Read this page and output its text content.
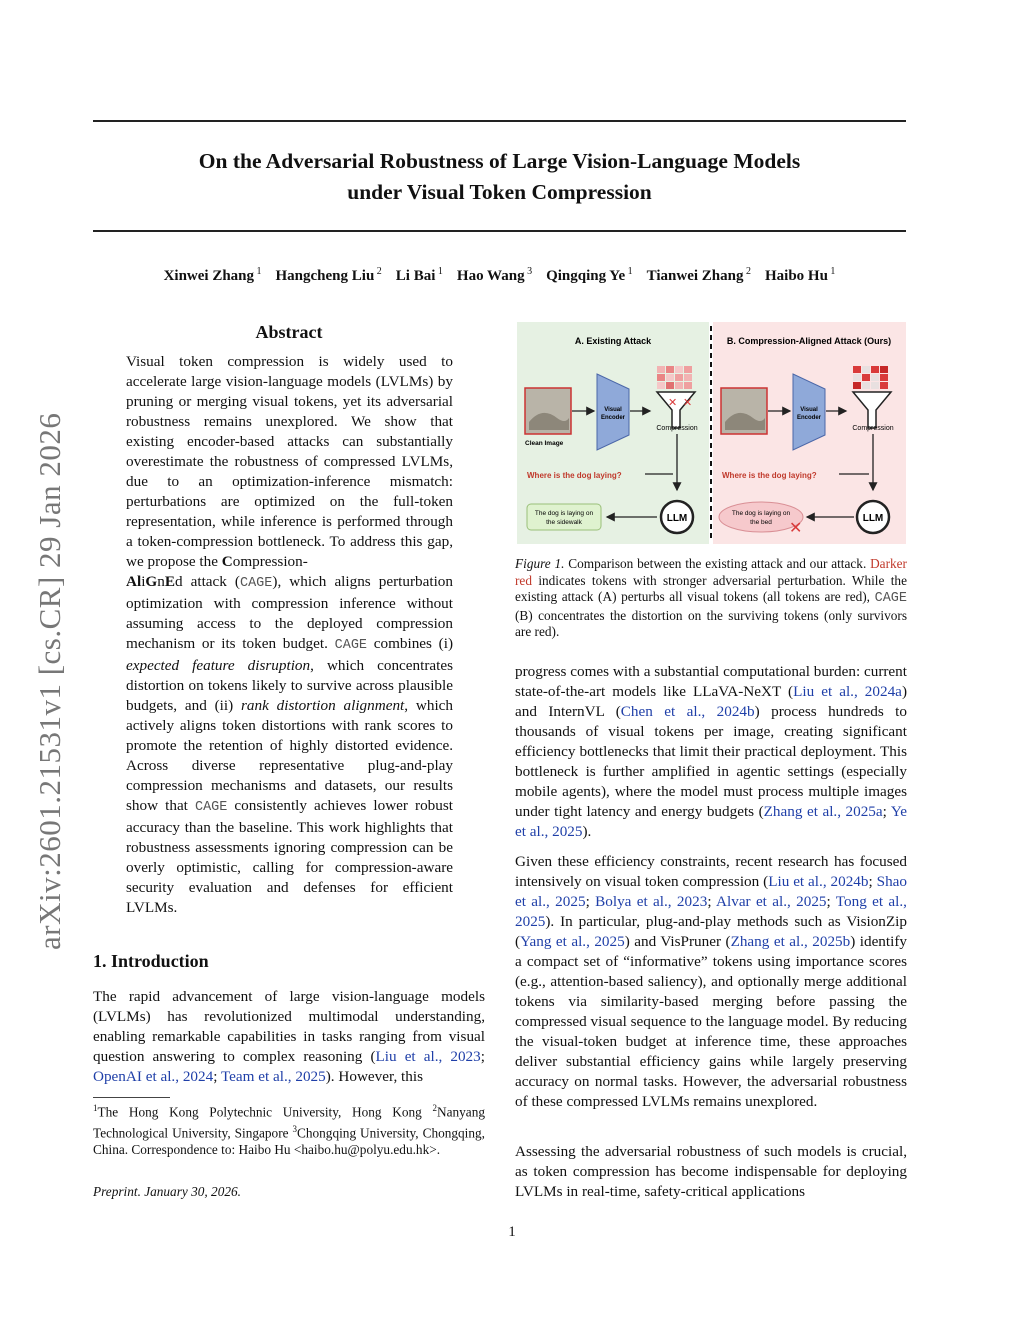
arXiv:2601.21531v1 [cs.CR] 29 Jan 2026
On the Adversarial Robustness of Large Vision-Language Models
under Visual Token Compression
Xinwei Zhang $^1$ Hangcheng Liu $^2$ Li Bai $^1$ Hao Wang $^3$ Qingqing Ye $^1$ Tianwei Zhang $^2$ Haibo Hu $^1$
Abstract
Visual token compression is widely used to accelerate large vision-language models (LVLMs) by pruning or merging visual tokens, yet its adversarial robustness remains unexplored. We show that existing encoder-based attacks can substantially overestimate the robustness of compressed LVLMs, due to an optimization-inference mismatch: perturbations are optimized on the full-token representation, while inference is performed through a token-compression bottleneck. To address this gap, we propose the Compression-
AliGnEd attack (CAGE), which aligns perturbation optimization with compression inference without assuming access to the deployed compression mechanism or its token budget. CAGE combines (i) expected feature disruption, which concentrates distortion on tokens likely to survive across plausible budgets, and (ii) rank distortion alignment, which actively aligns token distortions with rank scores to promote the retention of highly distorted evidence. Across diverse representative plug-and-play compression mechanisms and datasets, our results show that CAGE consistently achieves lower robust accuracy than the baseline. This work highlights that robustness assessments ignoring compression can be overly optimistic, calling for compression-aware security evaluation and defenses for efficient LVLMs.
1. Introduction
The rapid advancement of large vision-language models (LVLMs) has revolutionized multimodal understanding, enabling remarkable capabilities in tasks ranging from visual question answering to complex reasoning (Liu et al., 2023; OpenAI et al., 2024; Team et al., 2025). However, this
$^1$The Hong Kong Polytechnic University, Hong Kong $^2$Nanyang Technological University, Singapore $^3$Chongqing University, Chongqing, China. Correspondence to: Haibo Hu <haibo.hu@polyu.edu.hk>.
Preprint. January 30, 2026.
A. Existing Attack	B. Compression-Aligned Attack (Ours)
Clean Image
Visual
Encoder
✕ ✕
Compression
Where is the dog laying?
The dog is laying on
the sidewalk	LLM
Visual
Encoder
Compression
Where is the dog laying?
The dog is laying on
the bed ✕
LLM
Figure 1. Comparison between the existing attack and our attack. Darker red indicates tokens with stronger adversarial perturbation. While the existing attack (A) perturbs all visual tokens (all tokens are red), CAGE (B) concentrates the distortion on the surviving tokens (only survivors are red).
progress comes with a substantial computational burden: current state-of-the-art models like LLaVA-NeXT (Liu et al., 2024a) and InternVL (Chen et al., 2024b) process hundreds to thousands of visual tokens per image, creating significant efficiency bottlenecks that limit their practical deployment. This bottleneck is further amplified in agentic settings (especially mobile agents), where the model must process multiple images under tight latency and energy budgets (Zhang et al., 2025a; Ye et al., 2025).
Given these efficiency constraints, recent research has focused intensively on visual token compression (Liu et al., 2024b; Shao et al., 2025; Bolya et al., 2023; Alvar et al., 2025; Tong et al., 2025). In particular, plug-and-play methods such as VisionZip (Yang et al., 2025) and VisPruner (Zhang et al., 2025b) identify a compact set of “informative” tokens using importance scores (e.g., attention-based saliency), and optionally merge additional tokens via similarity-based merging before passing the compressed visual sequence to the language model. By reducing the visual-token budget at inference time, these approaches deliver substantial efficiency gains while largely preserving accuracy on normal tasks. However, the adversarial robustness of these compressed LVLMs remains unexplored.
Assessing the adversarial robustness of such models is crucial, as token compression has become indispensable for deploying LVLMs in real-time, safety-critical applications
1
